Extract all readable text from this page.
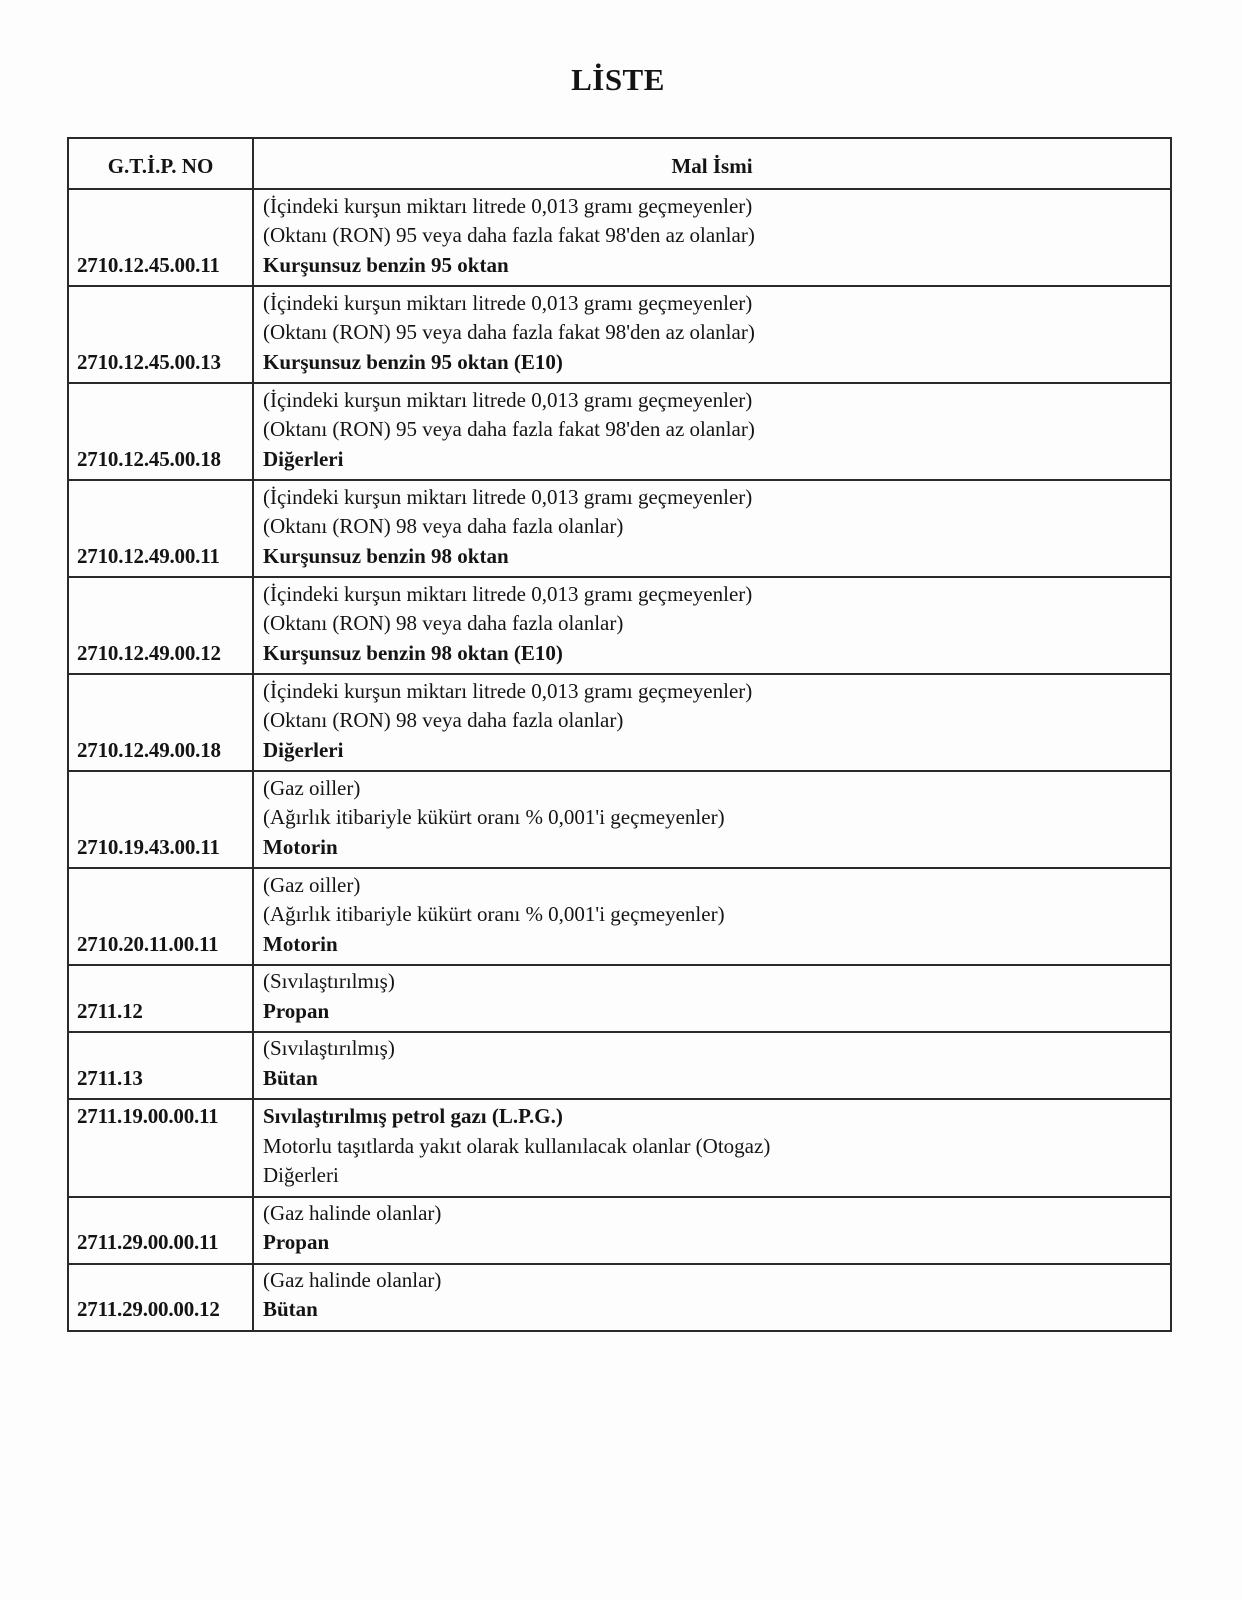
LİSTE
G.T.İ.P. NO	Mal İsmi
2710.12.45.00.11	(İçindeki kurşun miktarı litrede 0,013 gramı geçmeyenler)
(Oktanı (RON) 95 veya daha fazla fakat 98'den az olanlar)
Kurşunsuz benzin 95 oktan

2710.12.45.00.13	(İçindeki kurşun miktarı litrede 0,013 gramı geçmeyenler)
(Oktanı (RON) 95 veya daha fazla fakat 98'den az olanlar)
Kurşunsuz benzin 95 oktan (E10)

2710.12.45.00.18	(İçindeki kurşun miktarı litrede 0,013 gramı geçmeyenler)
(Oktanı (RON) 95 veya daha fazla fakat 98'den az olanlar)
Diğerleri

2710.12.49.00.11	(İçindeki kurşun miktarı litrede 0,013 gramı geçmeyenler)
(Oktanı (RON) 98 veya daha fazla olanlar)
Kurşunsuz benzin 98 oktan

2710.12.49.00.12	(İçindeki kurşun miktarı litrede 0,013 gramı geçmeyenler)
(Oktanı (RON) 98 veya daha fazla olanlar)
Kurşunsuz benzin 98 oktan (E10)

2710.12.49.00.18	(İçindeki kurşun miktarı litrede 0,013 gramı geçmeyenler)
(Oktanı (RON) 98 veya daha fazla olanlar)
Diğerleri

2710.19.43.00.11	(Gaz oiller)
(Ağırlık itibariyle kükürt oranı % 0,001'i geçmeyenler)
Motorin

2710.20.11.00.11	(Gaz oiller)
(Ağırlık itibariyle kükürt oranı % 0,001'i geçmeyenler)
Motorin

2711.12	(Sıvılaştırılmış)
Propan

2711.13	(Sıvılaştırılmış)
Bütan

2711.19.00.00.11	Sıvılaştırılmış petrol gazı (L.P.G.)
Motorlu taşıtlarda yakıt olarak kullanılacak olanlar (Otogaz)
Diğerleri

2711.29.00.00.11	(Gaz halinde olanlar)
Propan

2711.29.00.00.12	(Gaz halinde olanlar)
Bütan
